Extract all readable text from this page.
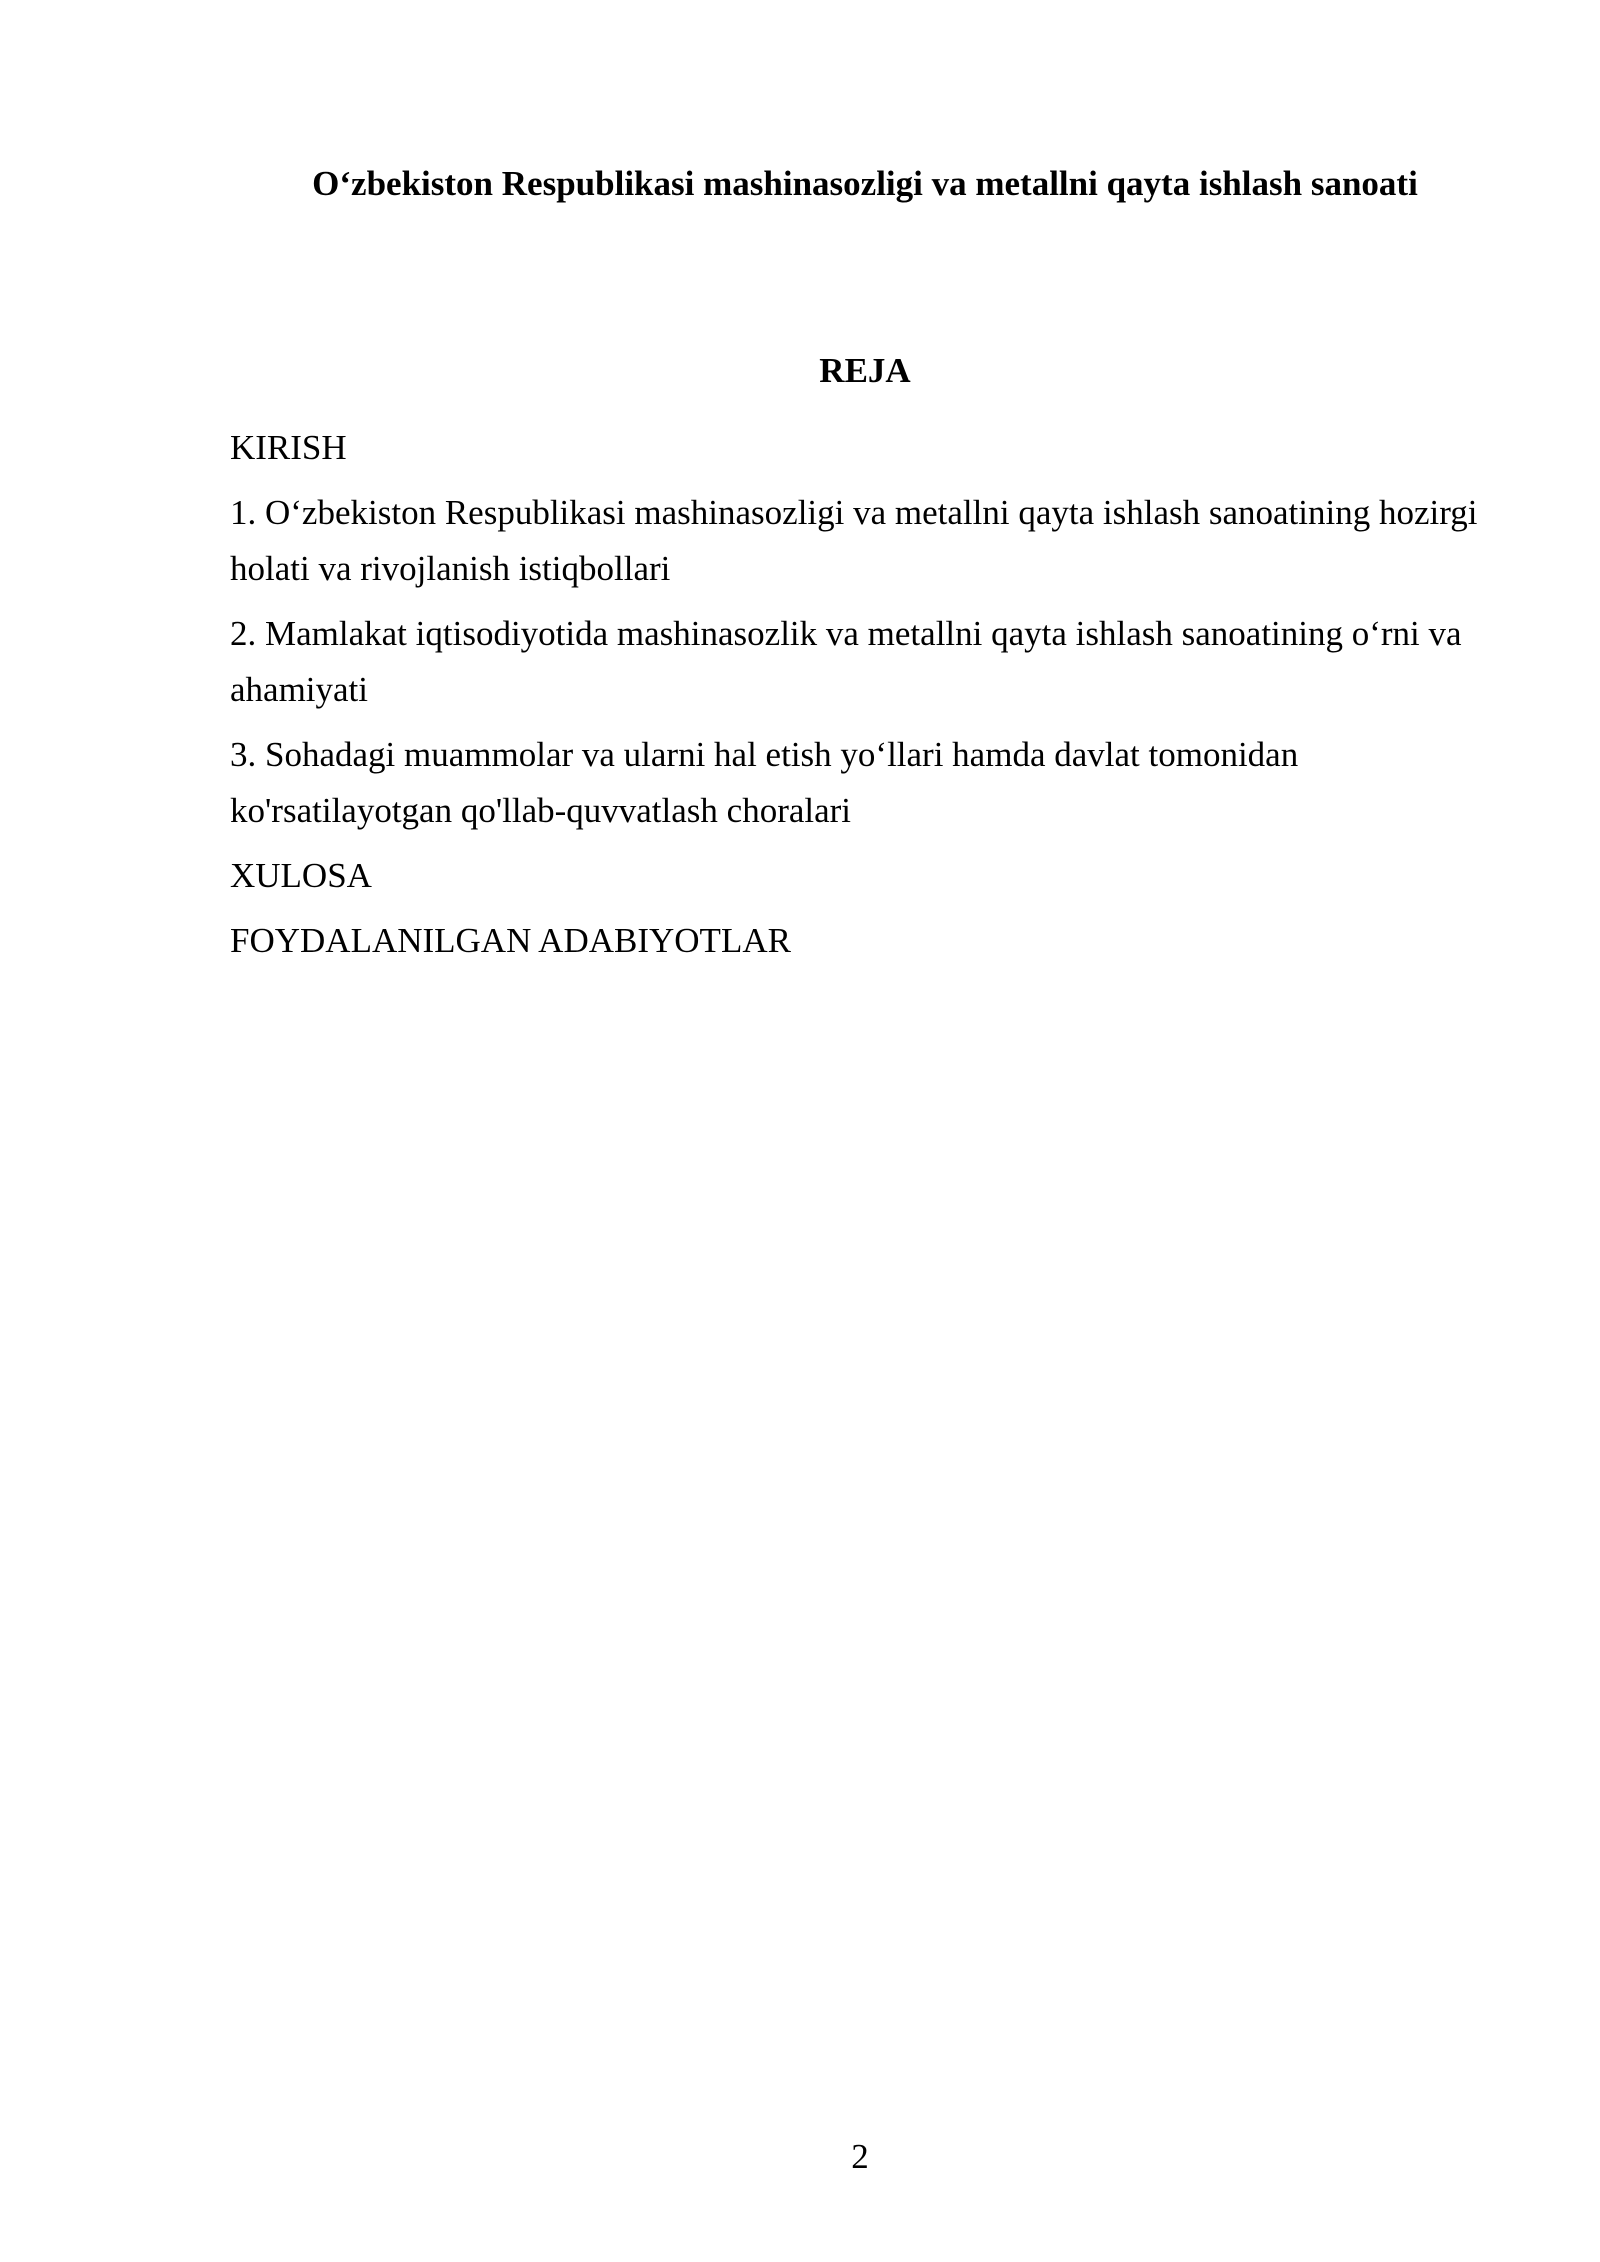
O‘zbekiston Respublikasi mashinasozligi va metallni qayta ishlash sanoati
REJA
KIRISH
1. O‘zbekiston Respublikasi mashinasozligi va metallni qayta ishlash sanoatining hozirgi holati va rivojlanish istiqbollari
2. Mamlakat iqtisodiyotida mashinasozlik va metallni qayta ishlash sanoatining o‘rni va ahamiyati
3. Sohadagi muammolar va ularni hal etish yo‘llari hamda davlat tomonidan ko'rsatilayotgan qo'llab-quvvatlash choralari
XULOSA
FOYDALANILGAN ADABIYOTLAR
2
